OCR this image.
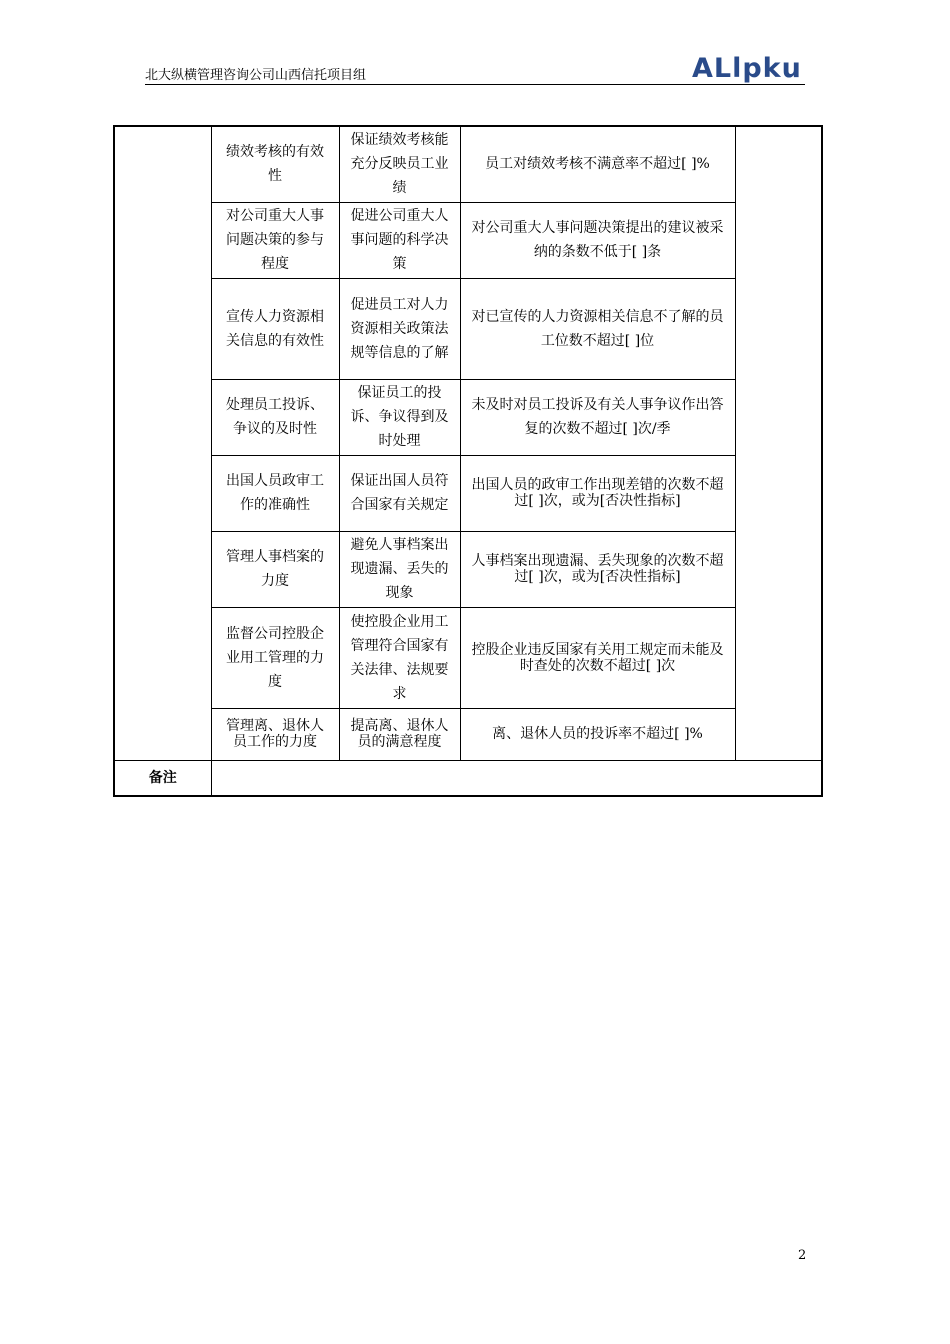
北大纵横管理咨询公司山西信托项目组	ALlpku
	绩效考核的有效性	保证绩效考核能充分反映员工业绩	员工对绩效考核不满意率不超过[ ]%	
	对公司重大人事问题决策的参与程度	促进公司重大人事问题的科学决策	对公司重大人事问题决策提出的建议被采纳的条数不低于[ ]条	
	宣传人力资源相关信息的有效性	促进员工对人力资源相关政策法规等信息的了解	对已宣传的人力资源相关信息不了解的员工位数不超过[ ]位	
	处理员工投诉、争议的及时性	保证员工的投诉、争议得到及时处理	未及时对员工投诉及有关人事争议作出答复的次数不超过[ ]次/季	
	出国人员政审工作的准确性	保证出国人员符合国家有关规定	出国人员的政审工作出现差错的次数不超过[ ]次，或为[否决性指标]	
	管理人事档案的力度	避免人事档案出现遗漏、丢失的现象	人事档案出现遗漏、丢失现象的次数不超过[ ]次，或为[否决性指标]	
	监督公司控股企业用工管理的力度	使控股企业用工管理符合国家有关法律、法规要求	控股企业违反国家有关用工规定而未能及时查处的次数不超过[ ]次	
	管理离、退休人员工作的力度	提高离、退休人员的满意程度	离、退休人员的投诉率不超过[ ]%	
备注				
2
